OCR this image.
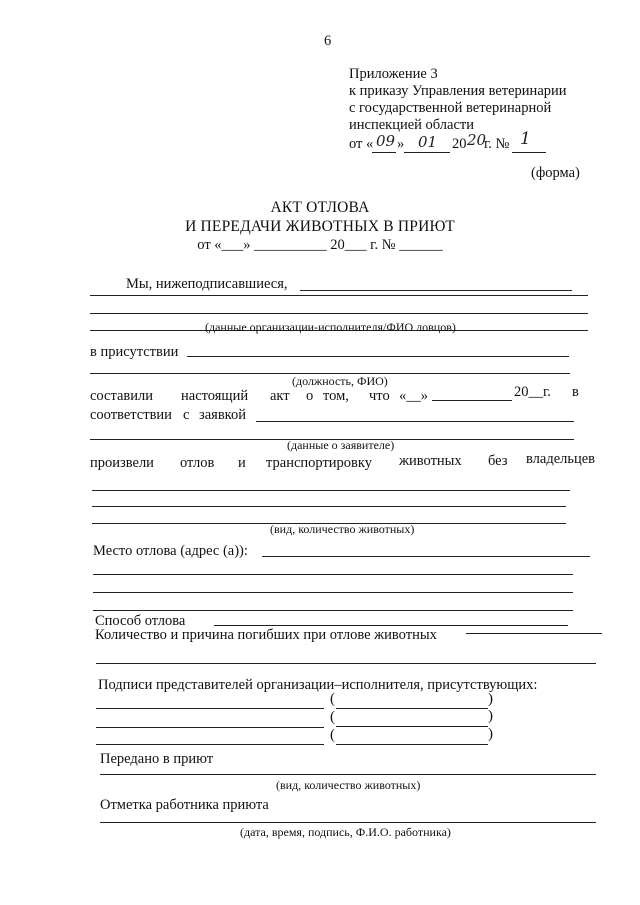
6
Приложение 3
к приказу Управления ветеринарии
с государственной ветеринарной
инспекцией области
от « 09 » 01 20 20
г. № 1
(форма)
АКТ ОТЛОВА
И ПЕРЕДАЧИ ЖИВОТНЫХ В ПРИЮТ
от «___» __________ 20___ г. № ______
Мы, нижеподписавшиеся,
(данные организации-исполнителя/ФИО ловцов)
в присутствии
(должность, ФИО)
составили настоящий акт о том, что «__»	20__г. в
соответствии с заявкой
(данные о заявителе)
произвели отлов и транспортировку животных без владельцев
(вид, количество животных)
Место отлова (адрес (а)):
Способ отлова
Количество и причина погибших при отлове животных
Подписи представителей организации–исполнителя, присутствующих:
(	)
(	)
(	)
Передано в приют
(вид, количество животных)
Отметка работника приюта
(дата, время, подпись, Ф.И.О. работника)
